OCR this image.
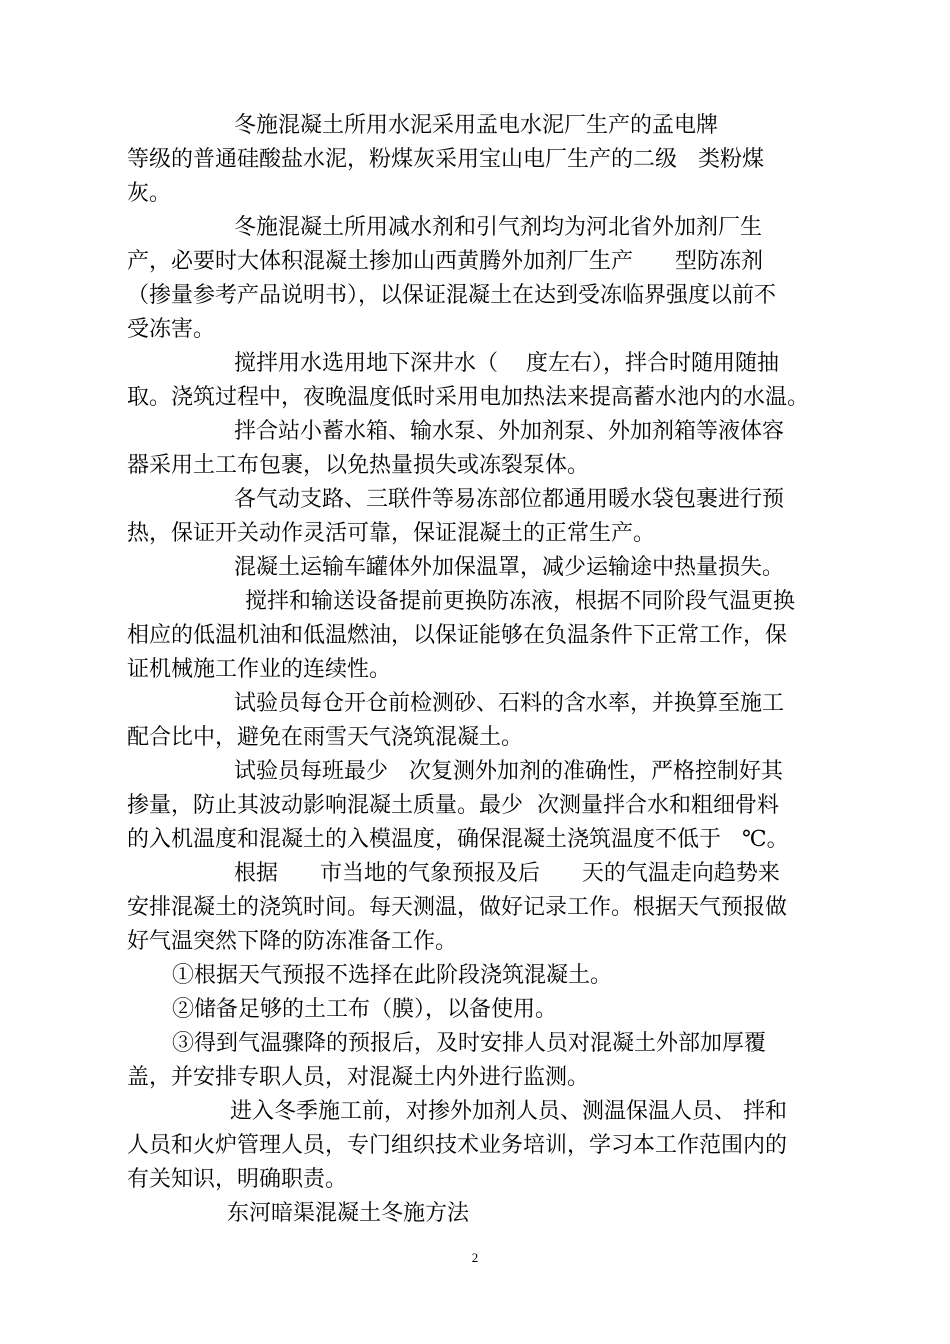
冬施混凝土所用水泥采用孟电水泥厂生产的孟电牌
等级的普通硅酸盐水泥，粉煤灰采用宝山电厂生产的二级   类粉煤
灰。
冬施混凝土所用减水剂和引气剂均为河北省外加剂厂生
产，必要时大体积混凝土掺加山西黄腾外加剂厂生产      型防冻剂
（掺量参考产品说明书），以保证混凝土在达到受冻临界强度以前不
受冻害。
搅拌用水选用地下深井水（    度左右），拌合时随用随抽
取。浇筑过程中，夜晚温度低时采用电加热法来提高蓄水池内的水温。
拌合站小蓄水箱、输水泵、外加剂泵、外加剂箱等液体容
器采用土工布包裹，以免热量损失或冻裂泵体。
各气动支路、三联件等易冻部位都通用暖水袋包裹进行预
热，保证开关动作灵活可靠，保证混凝土的正常生产。
混凝土运输车罐体外加保温罩，减少运输途中热量损失。
搅拌和输送设备提前更换防冻液，根据不同阶段气温更换
相应的低温机油和低温燃油，以保证能够在负温条件下正常工作，保
证机械施工作业的连续性。
试验员每仓开仓前检测砂、石料的含水率，并换算至施工
配合比中，避免在雨雪天气浇筑混凝土。
试验员每班最少   次复测外加剂的准确性，严格控制好其
掺量，防止其波动影响混凝土质量。最少  次测量拌合水和粗细骨料
的入机温度和混凝土的入模温度，确保混凝土浇筑温度不低于   ℃。
根据      市当地的气象预报及后      天的气温走向趋势来
安排混凝土的浇筑时间。每天测温，做好记录工作。根据天气预报做
好气温突然下降的防冻准备工作。
①根据天气预报不选择在此阶段浇筑混凝土。
②储备足够的土工布（膜），以备使用。
③得到气温骤降的预报后，及时安排人员对混凝土外部加厚覆
盖，并安排专职人员，对混凝土内外进行监测。
进入冬季施工前，对掺外加剂人员、测温保温人员、 拌和
人员和火炉管理人员，专门组织技术业务培训，学习本工作范围内的
有关知识，明确职责。
东河暗渠混凝土冬施方法
2
